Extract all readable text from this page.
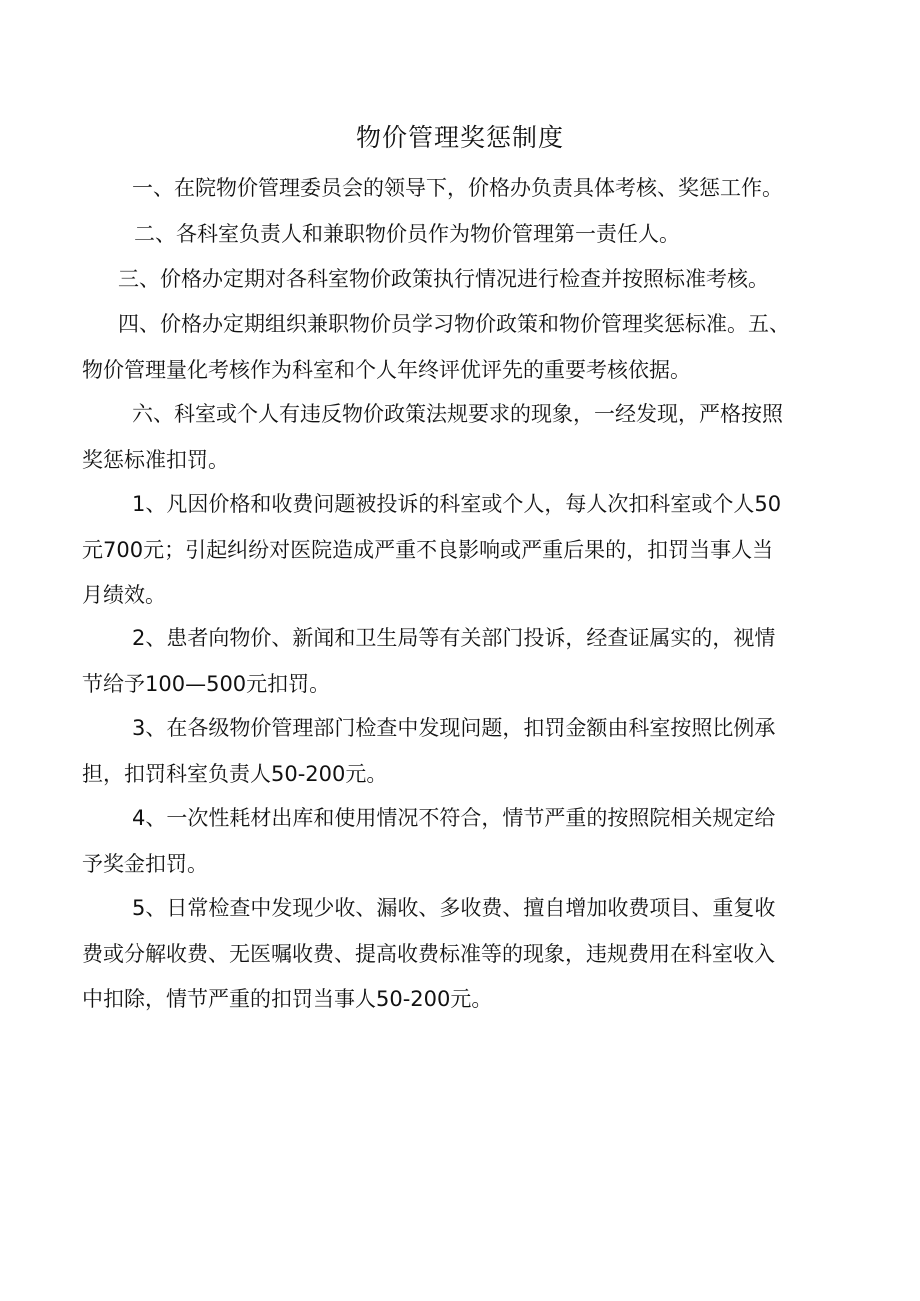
物价管理奖惩制度
一、在院物价管理委员会的领导下，价格办负责具体考核、奖惩工作。
二、各科室负责人和兼职物价员作为物价管理第一责任人。
三、价格办定期对各科室物价政策执行情况进行检查并按照标准考核。
四、价格办定期组织兼职物价员学习物价政策和物价管理奖惩标准。五、
物价管理量化考核作为科室和个人年终评优评先的重要考核依据。
六、科室或个人有违反物价政策法规要求的现象，一经发现，严格按照
奖惩标准扣罚。
1、凡因价格和收费问题被投诉的科室或个人，每人次扣科室或个人50
元700元；引起纠纷对医院造成严重不良影响或严重后果的，扣罚当事人当
月绩效。
2、患者向物价、新闻和卫生局等有关部门投诉，经查证属实的，视情
节给予100—500元扣罚。
3、在各级物价管理部门检查中发现问题，扣罚金额由科室按照比例承
担，扣罚科室负责人50-200元。
4、一次性耗材出库和使用情况不符合，情节严重的按照院相关规定给
予奖金扣罚。
5、日常检查中发现少收、漏收、多收费、擅自增加收费项目、重复收
费或分解收费、无医嘱收费、提高收费标准等的现象，违规费用在科室收入
中扣除，情节严重的扣罚当事人50-200元。
